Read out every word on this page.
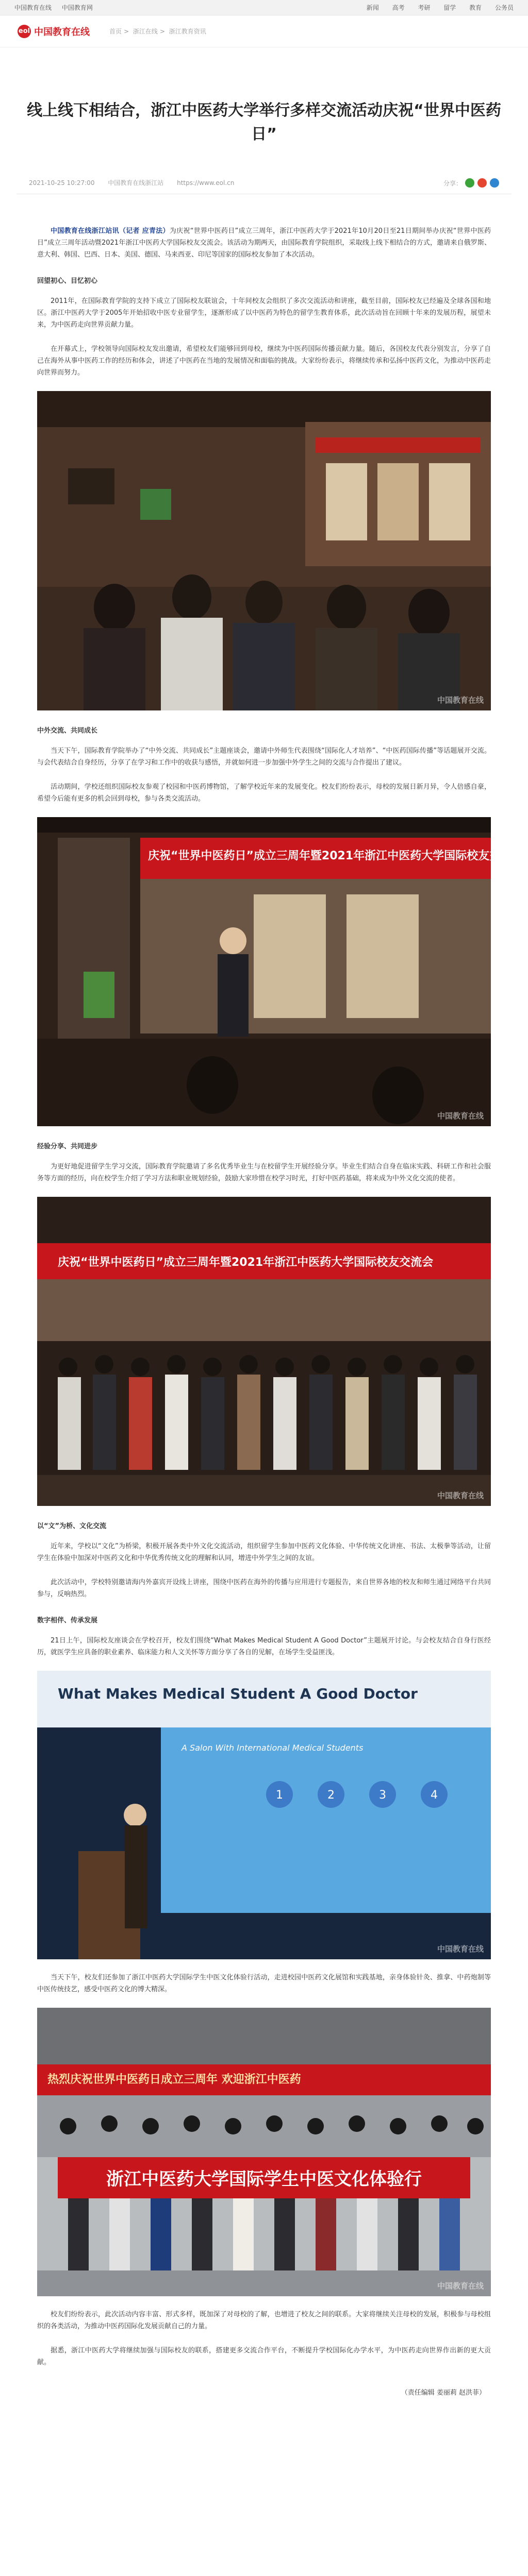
中国教育在线 中国教育网	新闻 高考 考研 留学 教育 公务员
eol 中国教育在线	首页 > 浙江在线 > 浙江教育资讯
线上线下相结合，浙江中医药大学举行多样交流活动庆祝“世界中医药日”
2021-10-25 10:27:00 中国教育在线浙江站 https://www.eol.cn	分享：

中国教育在线浙江站讯（记者 应青法）为庆祝“世界中医药日”成立三周年，浙江中医药大学于2021年10月20日至21日期间举办庆祝“世界中医药日”成立三周年活动暨2021年浙江中医药大学国际校友交流会。该活动为期两天，由国际教育学院组织，采取线上线下相结合的方式，邀请来自俄罗斯、意大利、韩国、巴西、日本、美国、德国、马来西亚、印尼等国家的国际校友参加了本次活动。

回望初心、目忆初心

2011年，在国际教育学院的支持下成立了国际校友联谊会，十年间校友会组织了多次交流活动和讲座，截至目前，国际校友已经遍及全球各国和地区。浙江中医药大学于2005年开始招收中医专业留学生，逐渐形成了以中医药为特色的留学生教育体系，此次活动旨在回顾十年来的发展历程，展望未来，为中医药走向世界贡献力量。

在开幕式上，学校领导向国际校友发出邀请，希望校友们能够回到母校，继续为中医药国际传播贡献力量。随后，各国校友代表分别发言，分享了自己在海外从事中医药工作的经历和体会，讲述了中医药在当地的发展情况和面临的挑战。大家纷纷表示，将继续传承和弘扬中医药文化，为推动中医药走向世界而努力。

中国教育在线
中外交流、共同成长

当天下午，国际教育学院举办了“中外交流、共同成长”主题座谈会，邀请中外师生代表围绕“国际化人才培养”、“中医药国际传播”等话题展开交流。与会代表结合自身经历，分享了在学习和工作中的收获与感悟，并就如何进一步加强中外学生之间的交流与合作提出了建议。

活动期间，学校还组织国际校友参观了校园和中医药博物馆，了解学校近年来的发展变化。校友们纷纷表示，母校的发展日新月异，令人倍感自豪，希望今后能有更多的机会回到母校，参与各类交流活动。

庆祝“世界中医药日”成立三周年暨2021年浙江中医药大学国际校友交流会
中国教育在线
经验分享、共同进步

为更好地促进留学生学习交流，国际教育学院邀请了多名优秀毕业生与在校留学生开展经验分享。毕业生们结合自身在临床实践、科研工作和社会服务等方面的经历，向在校学生介绍了学习方法和职业规划经验，鼓励大家珍惜在校学习时光，打好中医药基础，将来成为中外文化交流的使者。

庆祝“世界中医药日”成立三周年暨2021年浙江中医药大学国际校友交流会
中国教育在线
以“文”为桥、文化交流

近年来，学校以“文化”为桥梁，积极开展各类中外文化交流活动，组织留学生参加中医药文化体验、中华传统文化讲座、书法、太极拳等活动，让留学生在体验中加深对中医药文化和中华优秀传统文化的理解和认同，增进中外学生之间的友谊。

此次活动中，学校特别邀请海内外嘉宾开设线上讲座，围绕中医药在海外的传播与应用进行专题报告，来自世界各地的校友和师生通过网络平台共同参与，反响热烈。

数字相伴、传承发展

21日上午，国际校友座谈会在学校召开，校友们围绕“What Makes Medical Student A Good Doctor”主题展开讨论。与会校友结合自身行医经历，就医学生应具备的职业素养、临床能力和人文关怀等方面分享了各自的见解，在场学生受益匪浅。

1	2	3	4
What Makes Medical Student A Good Doctor
A Salon With International Medical Students
中国教育在线

当天下午，校友们还参加了浙江中医药大学国际学生中医文化体验行活动，走进校园中医药文化展馆和实践基地，亲身体验针灸、推拿、中药炮制等中医传统技艺，感受中医药文化的博大精深。

热烈庆祝世界中医药日成立三周年 欢迎浙江中医药
浙江中医药大学国际学生中医文化体验行
中国教育在线

校友们纷纷表示，此次活动内容丰富、形式多样，既加深了对母校的了解，也增进了校友之间的联系。大家将继续关注母校的发展，积极参与母校组织的各类活动，为推动中医药国际化发展贡献自己的力量。

据悉，浙江中医药大学将继续加强与国际校友的联系，搭建更多交流合作平台，不断提升学校国际化办学水平，为中医药走向世界作出新的更大贡献。

（责任编辑 姜丽莉 赵洪菲）
